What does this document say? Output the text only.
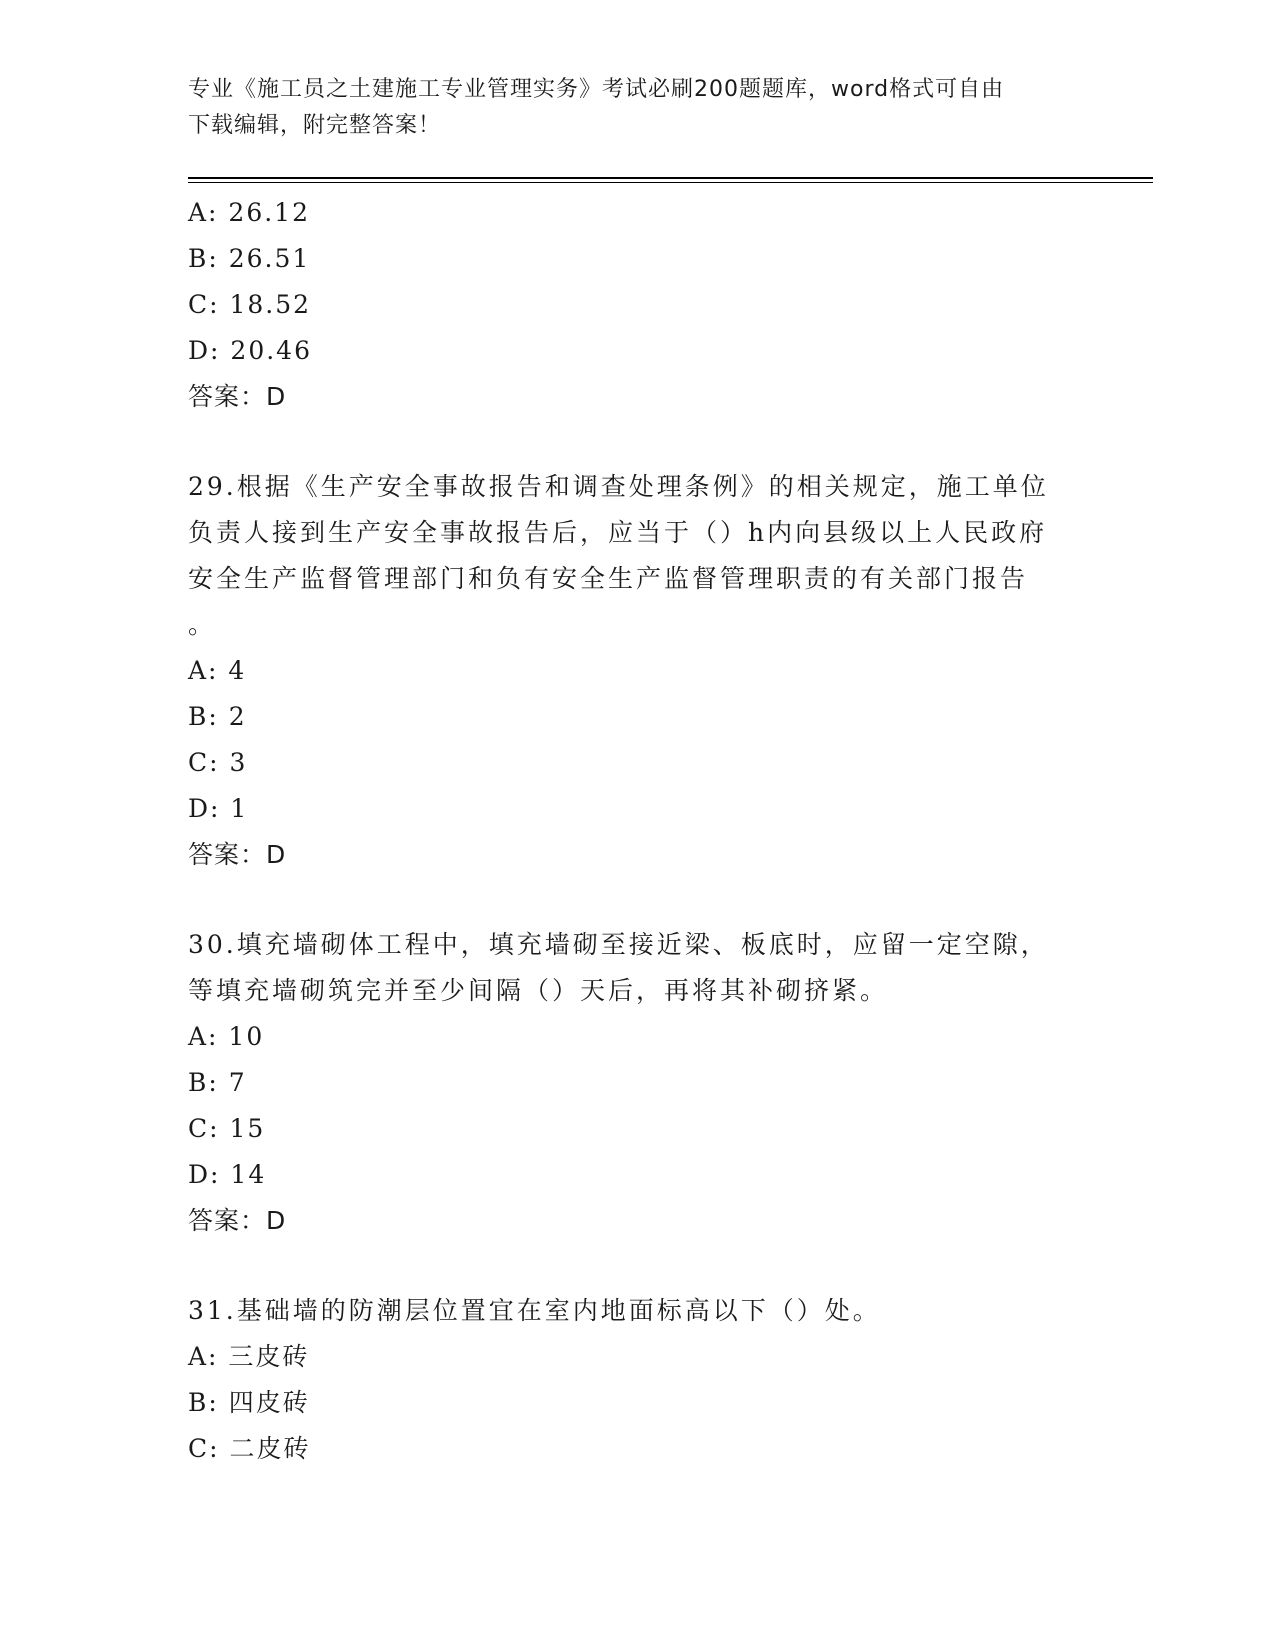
专业《施工员之土建施工专业管理实务》考试必刷200题题库，word格式可自由
下载编辑，附完整答案！
A: 26.12
B: 26.51
C: 18.52
D: 20.46
答案：D
29.根据《生产安全事故报告和调查处理条例》的相关规定，施工单位
负责人接到生产安全事故报告后，应当于（）h内向县级以上人民政府
安全生产监督管理部门和负有安全生产监督管理职责的有关部门报告
。
A: 4
B: 2
C: 3
D: 1
答案：D
30.填充墙砌体工程中，填充墙砌至接近梁、板底时，应留一定空隙，
等填充墙砌筑完并至少间隔（）天后，再将其补砌挤紧。
A: 10
B: 7
C: 15
D: 14
答案：D
31.基础墙的防潮层位置宜在室内地面标高以下（）处。
A: 三皮砖
B: 四皮砖
C: 二皮砖
